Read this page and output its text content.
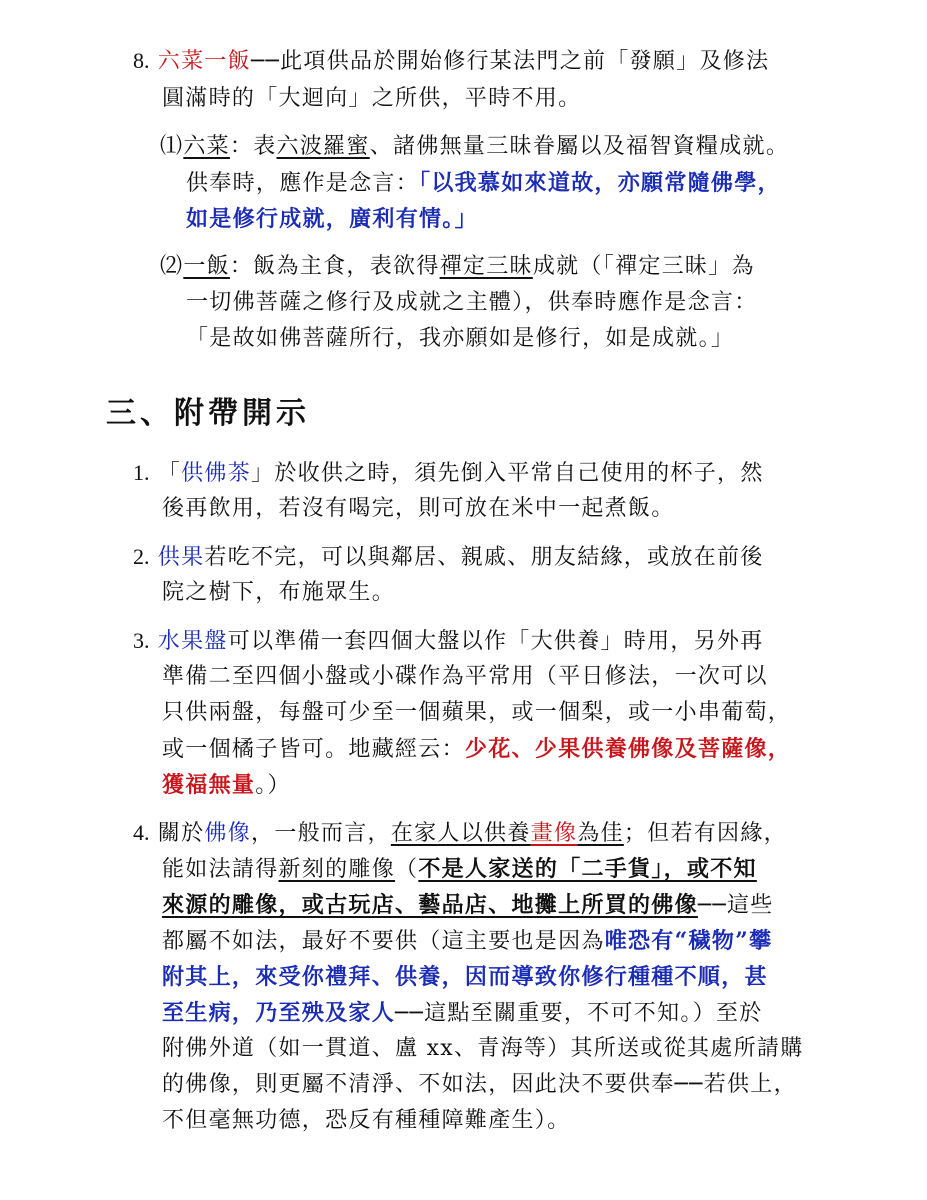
8. 六菜一飯──此項供品於開始修行某法門之前「發願」及修法
圓滿時的「大迴向」之所供，平時不用。
⑴六菜：表六波羅蜜、諸佛無量三昧眷屬以及福智資糧成就。
供奉時，應作是念言：「以我慕如來道故，亦願常隨佛學，
如是修行成就，廣利有情。」
⑵一飯：飯為主食，表欲得禪定三昧成就（「禪定三昧」為
一切佛菩薩之修行及成就之主體），供奉時應作是念言：
「是故如佛菩薩所行，我亦願如是修行，如是成就。」
三、附帶開示
1. 「供佛茶」於收供之時，須先倒入平常自己使用的杯子，然
後再飲用，若沒有喝完，則可放在米中一起煮飯。
2. 供果若吃不完，可以與鄰居、親戚、朋友結緣，或放在前後
院之樹下，布施眾生。
3. 水果盤可以準備一套四個大盤以作「大供養」時用，另外再
準備二至四個小盤或小碟作為平常用（平日修法，一次可以
只供兩盤，每盤可少至一個蘋果，或一個梨，或一小串葡萄，
或一個橘子皆可。地藏經云：少花、少果供養佛像及菩薩像，
獲福無量。）
4. 關於佛像，一般而言，在家人以供養畫像為佳；但若有因緣，
能如法請得新刻的雕像（不是人家送的「二手貨」，或不知
來源的雕像，或古玩店、藝品店、地攤上所買的佛像──這些
都屬不如法，最好不要供（這主要也是因為唯恐有“穢物”攀
附其上，來受你禮拜、供養，因而導致你修行種種不順，甚
至生病，乃至殃及家人──這點至關重要，不可不知。）至於
附佛外道（如一貫道、盧 xx、青海等）其所送或從其處所請購
的佛像，則更屬不清淨、不如法，因此決不要供奉──若供上，
不但毫無功德，恐反有種種障難產生）。
